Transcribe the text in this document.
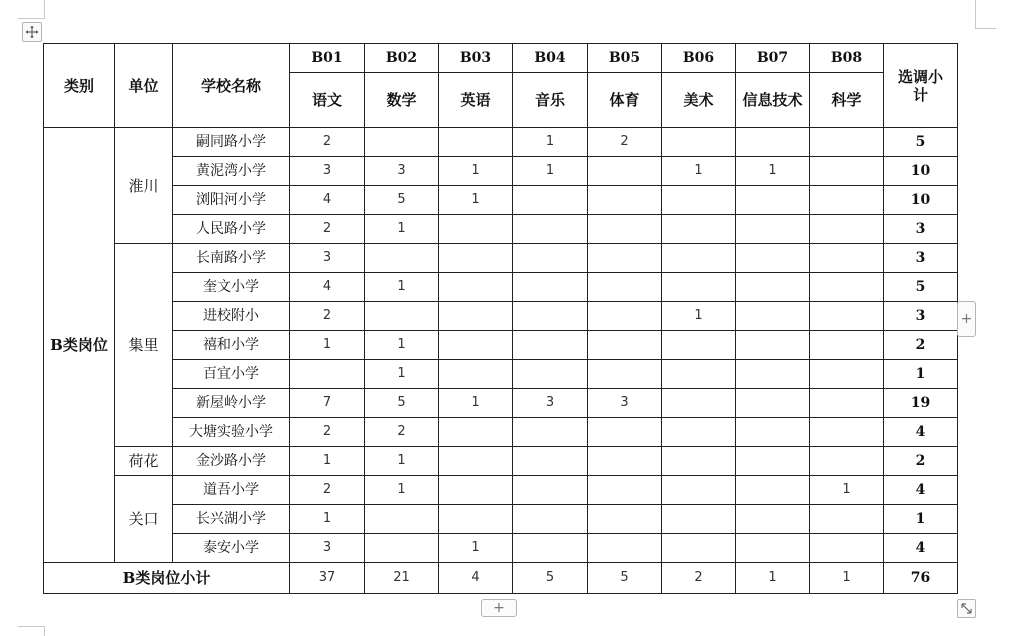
类别	单位	学校名称	B01	B02	B03	B04	B05	B06	B07	B08	选调小计
			语文	数学	英语	音乐	体育	美术	信息技术	科学	
B类岗位	淮川	嗣同路小学	2			1	2				5
		黄泥湾小学	3	3	1	1		1	1		10
		浏阳河小学	4	5	1						10
		人民路小学	2	1							3
	集里	长南路小学	3								3
		奎文小学	4	1							5
		进校附小	2					1			3
		禧和小学	1	1							2
		百宜小学		1							1
		新屋岭小学	7	5	1	3	3				19
		大塘实验小学	2	2							4
	荷花	金沙路小学	1	1							2
	关口	道吾小学	2	1						1	4
		长兴湖小学	1								1
		泰安小学	3		1						4
B类岗位小计			37	21	4	5	5	2	1	1	76
+
+
